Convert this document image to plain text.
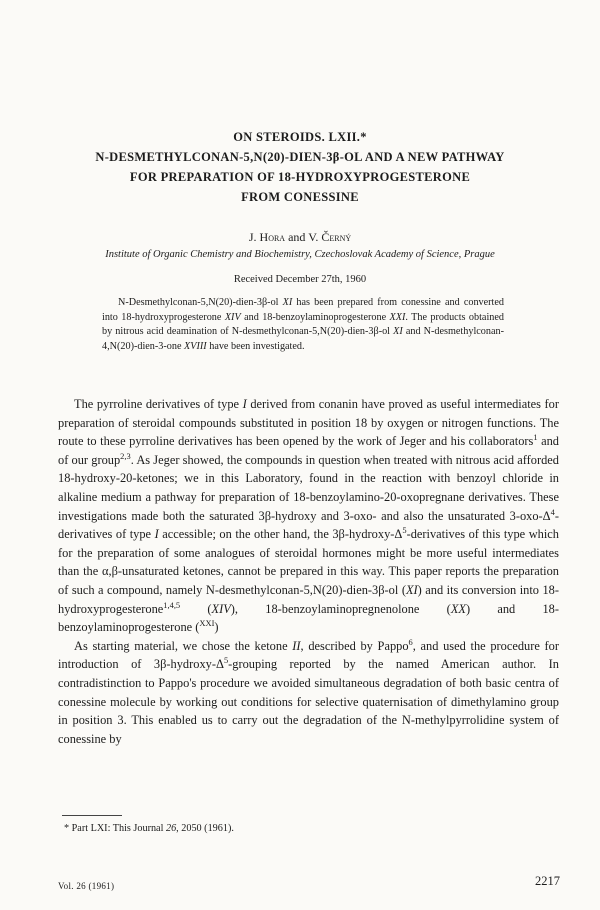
ON STEROIDS. LXII.*

N-DESMETHYLCONAN-5,N(20)-DIEN-3β-OL AND A NEW PATHWAY

FOR PREPARATION OF 18-HYDROXYPROGESTERONE

FROM CONESSINE

J. Hora and V. Černý
Institute of Organic Chemistry and Biochemistry, Czechoslovak Academy of Science, Prague
Received December 27th, 1960

N-Desmethylconan-5,N(20)-dien-3β-ol XI has been prepared from conessine and converted into 18-hydroxyprogesterone XIV and 18-benzoylaminoprogesterone XXI. The products obtained by nitrous acid deamination of N-desmethylconan-5,N(20)-dien-3β-ol XI and N-desmethylconan-4,N(20)-dien-3-one XVIII have been investigated.

The pyrroline derivatives of type I derived from conanin have proved as useful intermediates for preparation of steroidal compounds substituted in position 18 by oxygen or nitrogen functions. The route to these pyrroline derivatives has been opened by the work of Jeger and his collaborators$^1$ and of our group$^{2,3}$. As Jeger showed, the compounds in question when treated with nitrous acid afforded 18-hydroxy-20-ketones; we in this Laboratory, found in the reaction with benzoyl chloride in alkaline medium a pathway for preparation of 18-benzoylamino-20-oxopregnane derivatives. These investigations made both the saturated 3β-hydroxy and 3-oxo- and also the unsaturated $3-oxo-\Delta^4$-derivatives of type I accessible; on the other hand, the $3\beta-hydroxy-\Delta^5$-derivatives of this type which for the preparation of some analogues of steroidal hormones might be more useful intermediates than the α,β-unsaturated ketones, cannot be prepared in this way. This paper reports the preparation of such a compound, namely N-desmethylconan-5,N(20)-dien-3β-ol (XI) and its conversion into 18-hydroxyprogesterone$^{1,4,5}$ (XIV), 18-benzoylaminopregnenolone (XX) and 18-benzoylaminoprogesterone ($^{XXI}$)

As starting material, we chose the ketone II, described by Pappo$^6$, and used the procedure for introduction of $3\beta-hydroxy-\Delta^5$-grouping reported by the named American author. In contradistinction to Pappo's procedure we avoided simultaneous degradation of both basic centra of conessine molecule by working out conditions for selective quaternisation of dimethylamino group in position 3. This enabled us to carry out the degradation of the N-methylpyrrolidine system of conessine by

* Part LXI: This Journal 26, 2050 (1961).
Vol. 26 (1961)	2217
